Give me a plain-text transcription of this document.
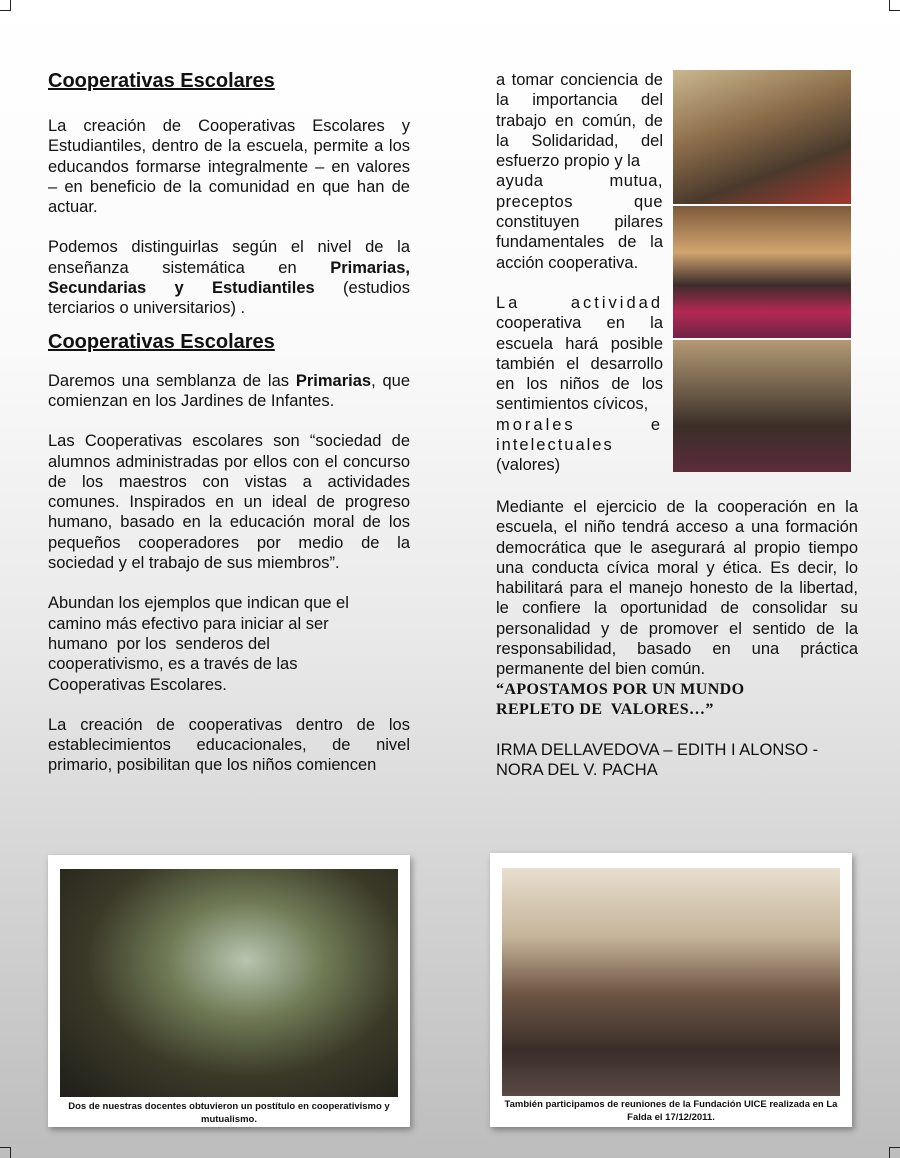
Cooperativas Escolares

La creación de Cooperativas Escolares y Estudiantiles, dentro de la escuela, permite a los educandos formarse integralmente – en valores – en beneficio de la comunidad en que han de actuar.

Podemos distinguirlas según el nivel de la enseñanza sistemática en Primarias, Secundarias y Estudiantiles (estudios terciarios o universitarios) .

Cooperativas Escolares

Daremos una semblanza de las Primarias, que comienzan en los Jardines de Infantes.

Las Cooperativas escolares son “sociedad de alumnos administradas por ellos con el concurso de los maestros con vistas a actividades comunes. Inspirados en un ideal de progreso humano, basado en la educación moral de los pequeños cooperadores por medio de la sociedad y el trabajo de sus miembros”.

Abundan los ejemplos que indican que el
camino más efectivo para iniciar al ser
humano  por los  senderos del
cooperativismo, es a través de las
Cooperativas Escolares.

La creación de cooperativas dentro de los establecimientos educacionales, de nivel primario, posibilitan que los niños comiencen

a tomar conciencia de la importancia del trabajo en común, de la Solidaridad, del esfuerzo propio y la

ayuda mutua,

preceptos que

constituyen pilares fundamentales de la acción cooperativa.

La actividad

cooperativa en la escuela hará posible también el desarrollo en los niños de los sentimientos cívicos,

morales e

intelectuales

(valores)

Mediante el ejercicio de la cooperación en la escuela, el niño tendrá acceso a una formación democrática que le asegurará al propio tiempo una conducta cívica moral y ética. Es decir, lo habilitará para el manejo honesto de la libertad, le confiere la oportunidad de consolidar su personalidad y de promover el sentido de la responsabilidad, basado en una práctica permanente del bien común.

“APOSTAMOS POR UN MUNDO
REPLETO DE  VALORES…”

IRMA DELLAVEDOVA – EDITH I ALONSO -
NORA DEL V. PACHA

Dos de nuestras docentes obtuvieron un postítulo en cooperativismo y mutualismo.
También participamos de reuniones de la Fundación UICE realizada en La Falda el 17/12/2011.
